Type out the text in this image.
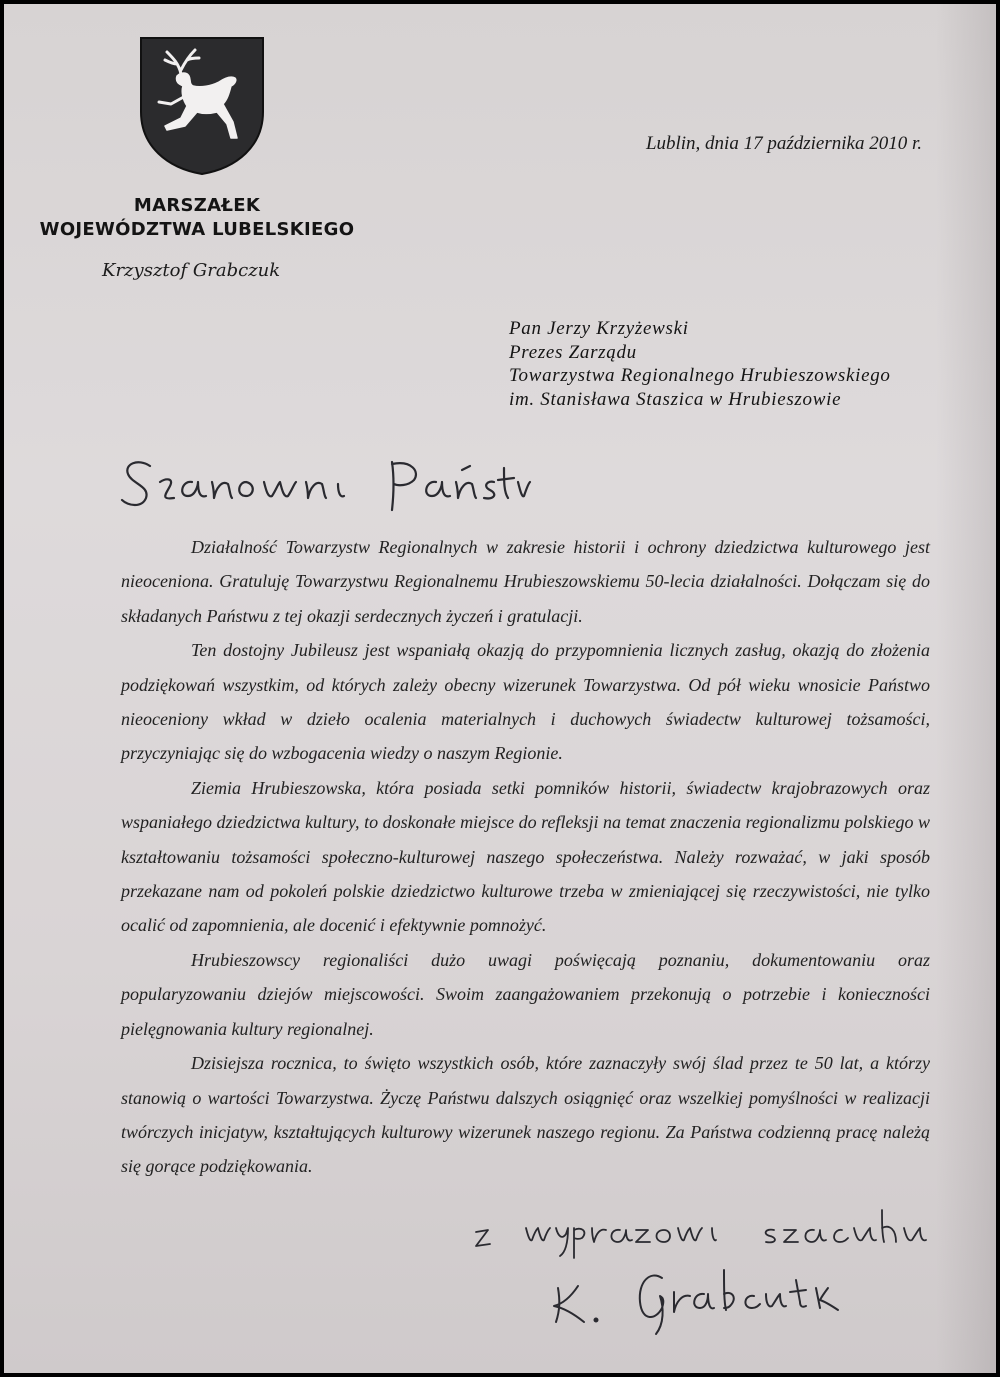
MARSZAŁEK
WOJEWÓDZTWA LUBELSKIEGO
Krzysztof Grabczuk
Lublin, dnia 17 października 2010 r.
Pan Jerzy Krzyżewski
Prezes Zarządu
Towarzystwa Regionalnego Hrubieszowskiego
im. Stanisława Staszica w Hrubieszowie
Szanowni Państwo

Działalność Towarzystw Regionalnych w zakresie historii i ochrony dziedzictwa kulturowego jest nieoceniona. Gratuluję Towarzystwu Regionalnemu Hrubieszowskiemu 50-lecia działalności. Dołączam się do składanych Państwu z tej okazji serdecznych życzeń i gratulacji.

Ten dostojny Jubileusz jest wspaniałą okazją do przypomnienia licznych zasług, okazją do złożenia podziękowań wszystkim, od których zależy obecny wizerunek Towarzystwa. Od pół wieku wnosicie Państwo nieoceniony wkład w dzieło ocalenia materialnych i duchowych świadectw kulturowej tożsamości, przyczyniając się do wzbogacenia wiedzy o naszym Regionie.

Ziemia Hrubieszowska, która posiada setki pomników historii, świadectw krajobrazowych oraz wspaniałego dziedzictwa kultury, to doskonałe miejsce do refleksji na temat znaczenia regionalizmu polskiego w kształtowaniu tożsamości społeczno-kulturowej naszego społeczeństwa. Należy rozważać, w jaki sposób przekazane nam od pokoleń polskie dziedzictwo kulturowe trzeba w zmieniającej się rzeczywistości, nie tylko ocalić od zapomnienia, ale docenić i efektywnie pomnożyć.

Hrubieszowscy regionaliści dużo uwagi poświęcają poznaniu, dokumentowaniu oraz popularyzowaniu dziejów miejscowości. Swoim zaangażowaniem przekonują o potrzebie i konieczności pielęgnowania kultury regionalnej.

Dzisiejsza rocznica, to święto wszystkich osób, które zaznaczyły swój ślad przez te 50 lat, a którzy stanowią o wartości Towarzystwa. Życzę Państwu dalszych osiągnięć oraz wszelkiej pomyślności w realizacji twórczych inicjatyw, kształtujących kulturowy wizerunek naszego regionu. Za Państwa codzienną pracę należą się gorące podziękowania.

Z wyrazami szacunku
K. Grabczuk
